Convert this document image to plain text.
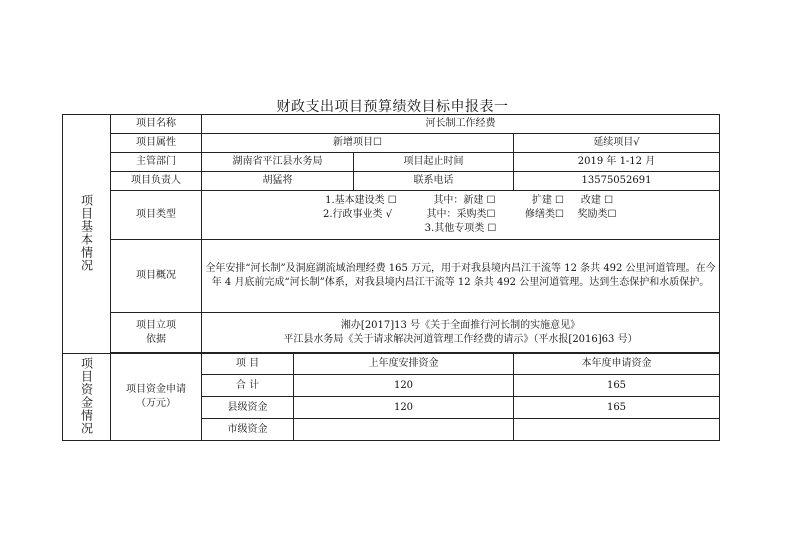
财政支出项目预算绩效目标申报表一
项目基本情况	项目名称	河长制工作经费			
	项目属性	新增项目☐			延续项目√
	主管部门	湖南省平江县水务局		项目起止时间	2019 年 1-12 月
	项目负责人	胡猛将		联系电话	13575052691
	项目类型	1.基本建设类 ☐ 其中：新建 ☐ 扩建 ☐ 改建 ☐
2.行政事业类 √ 其中：采购类☐ 修缮类☐ 奖励类☐
3.其他专项类 ☐			

	项目概况	全年安排“河长制”及洞庭湖流域治理经费 165 万元，用于对我县境内昌江干流等 12 条共 492 公里河道管理。在今年 4 月底前完成“河长制”体系，对我县境内昌江干流等 12 条共 492 公里河道管理。达到生态保护和水质保护。			

	项目立项
依据	湘办[2017]13 号《关于全面推行河长制的实施意见》
平江县水务局《关于请求解决河道管理工作经费的请示》（平水报[2016]63 号）			

项目资金情况	项目资金申请
（万元）	项 目	上年度安排资金		本年度申请资金
		合 计	120		165
		县级资金	120		165
		市级资金			
